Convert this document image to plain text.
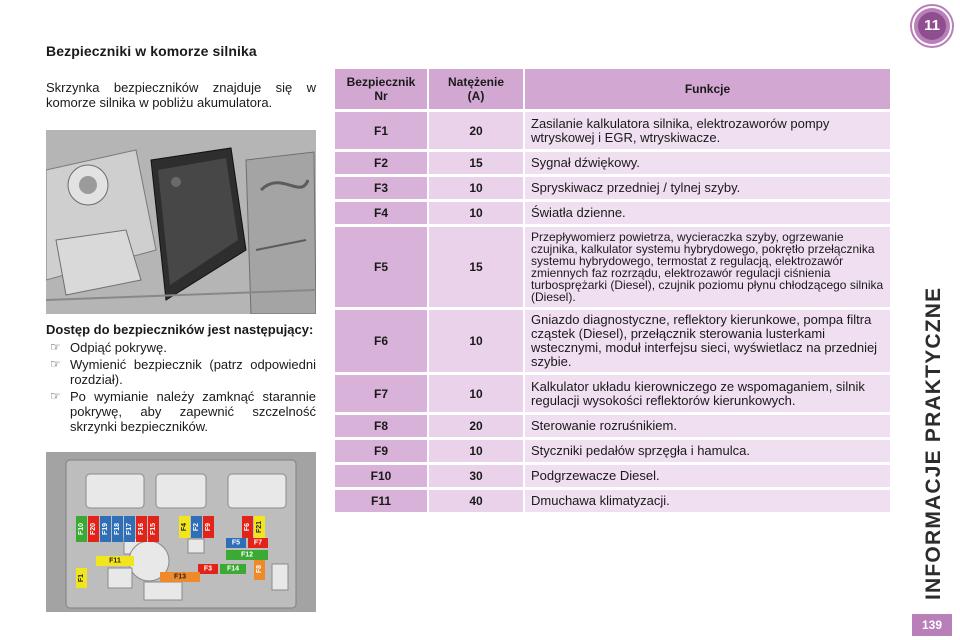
Bezpieczniki w komorze silnika
Skrzynka bezpieczników znajduje się w komorze silnika w pobliżu akumulatora.
Dostęp do bezpieczników jest następujący:
☞ Odpiąć pokrywę.
☞ Wymienić bezpiecznik (patrz odpowiedni rozdział).
☞ Po wymianie należy zamknąć starannie pokrywę, aby zapewnić szczelność skrzynki bezpieczników.
F10 F20 F19 F18 F17 F16 F15	F4 F2 F9	F6 F21
F1
F8
F5 F7
F12
F3 F14
F11
F13
Bezpiecznik Nr	Natężenie (A)	Funkcje
F1	20	Zasilanie kalkulatora silnika, elektrozaworów pompy wtryskowej i EGR, wtryskiwacze.
F2	15	Sygnał dźwiękowy.
F3	10	Spryskiwacz przedniej / tylnej szyby.
F4	10	Światła dzienne.
F5	15	Przepływomierz powietrza, wycieraczka szyby, ogrzewanie czujnika, kalkulator systemu hybrydowego, pokrętło przełącznika systemu hybrydowego, termostat z regulacją, elektrozawór zmiennych faz rozrządu, elektrozawór regulacji ciśnienia turbosprężarki (Diesel), czujnik poziomu płynu chłodzącego silnika (Diesel).
F6	10	Gniazdo diagnostyczne, reflektory kierunkowe, pompa filtra cząstek (Diesel), przełącznik sterowania lusterkami wstecznymi, moduł interfejsu sieci, wyświetlacz na przedniej szybie.
F7	10	Kalkulator układu kierowniczego ze wspomaganiem, silnik regulacji wysokości reflektorów kierunkowych.
F8	20	Sterowanie rozruśnikiem.
F9	10	Styczniki pedałów sprzęgła i hamulca.
F10	30	Podgrzewacze Diesel.
F11	40	Dmuchawa klimatyzacji.
11
INFORMACJE PRAKTYCZNE
139
